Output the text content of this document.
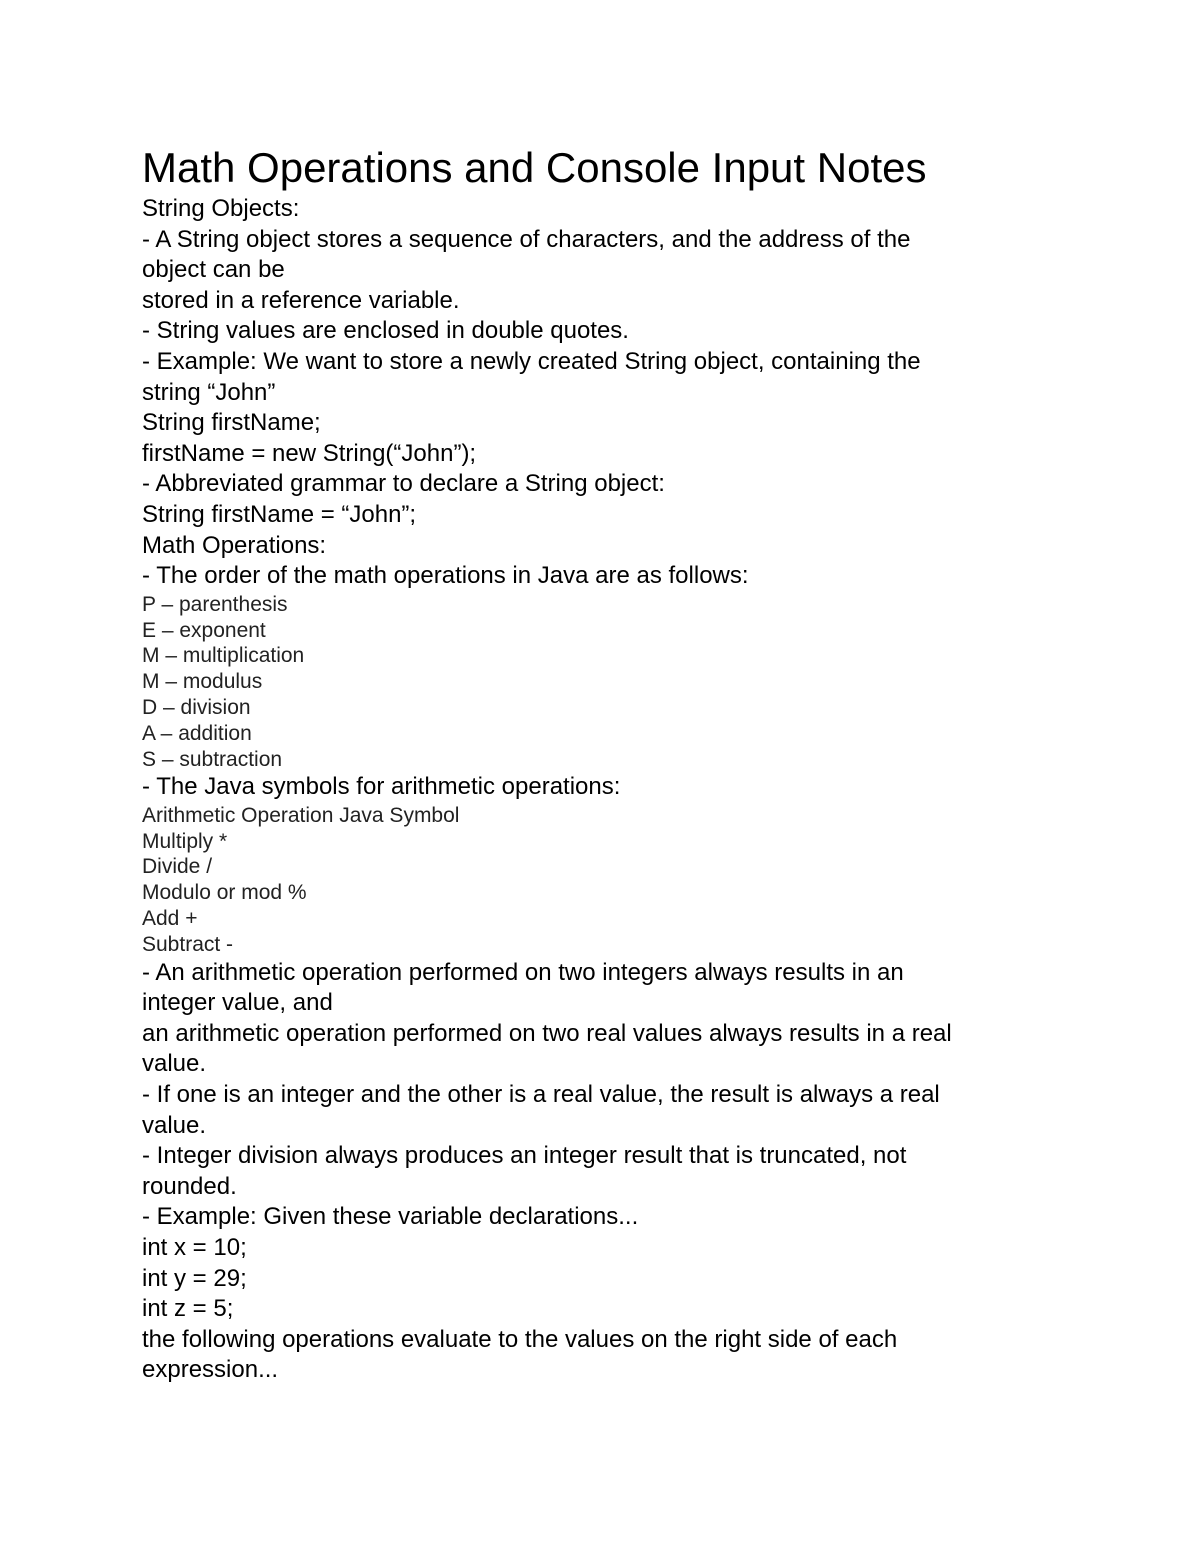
Math Operations and Console Input Notes
String Objects:
- A String object stores a sequence of characters, and the address of the
object can be
stored in a reference variable.
- String values are enclosed in double quotes.
- Example: We want to store a newly created String object, containing the
string “John”
String firstName;
firstName = new String(“John”);
- Abbreviated grammar to declare a String object:
String firstName = “John”;
Math Operations:
- The order of the math operations in Java are as follows:
P – parenthesis
E – exponent
M – multiplication
M – modulus
D – division
A – addition
S – subtraction
- The Java symbols for arithmetic operations:
Arithmetic Operation Java Symbol
Multiply *
Divide /
Modulo or mod %
Add +
Subtract -
- An arithmetic operation performed on two integers always results in an
integer value, and
an arithmetic operation performed on two real values always results in a real
value.
- If one is an integer and the other is a real value, the result is always a real
value.
- Integer division always produces an integer result that is truncated, not
rounded.
- Example: Given these variable declarations...
int x = 10;
int y = 29;
int z = 5;
the following operations evaluate to the values on the right side of each
expression...
